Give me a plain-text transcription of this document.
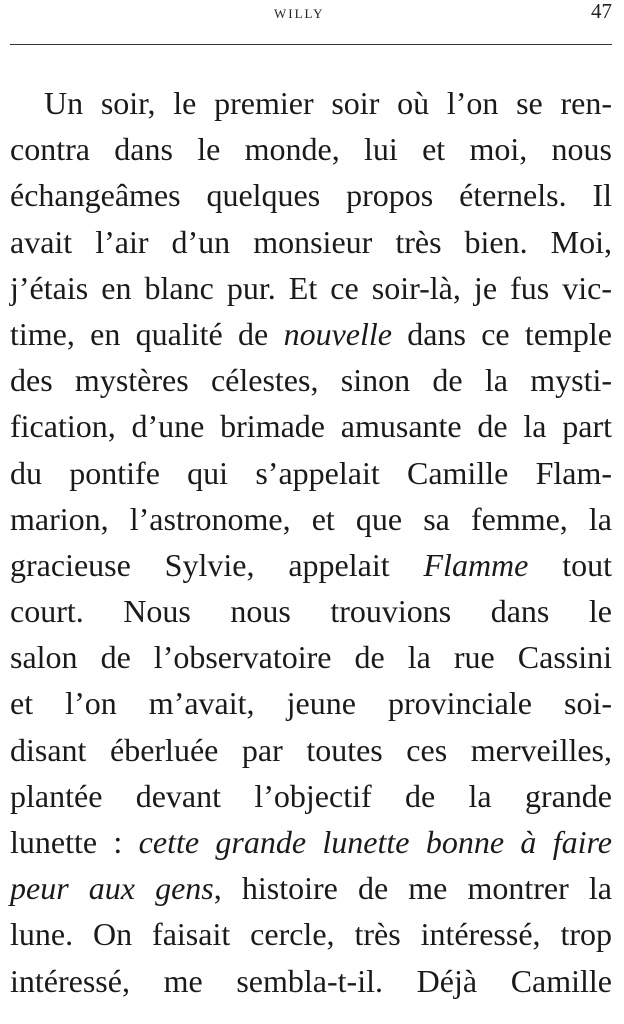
WILLY	47
Un soir, le premier soir où l’on se ren-
contra dans le monde, lui et moi, nous
échangeâmes quelques propos éternels. Il
avait l’air d’un monsieur très bien. Moi,
j’étais en blanc pur. Et ce soir-là, je fus vic-
time, en qualité de nouvelle dans ce temple
des mystères célestes, sinon de la mysti-
fication, d’une brimade amusante de la part
du pontife qui s’appelait Camille Flam-
marion, l’astronome, et que sa femme, la
gracieuse Sylvie, appelait Flamme tout
court. Nous nous trouvions dans le
salon de l’observatoire de la rue Cassini
et l’on m’avait, jeune provinciale soi-
disant éberluée par toutes ces merveilles,
plantée devant l’objectif de la grande
lunette : cette grande lunette bonne à faire
peur aux gens, histoire de me montrer la
lune. On faisait cercle, très intéressé, trop
intéressé, me sembla-t-il. Déjà Camille
